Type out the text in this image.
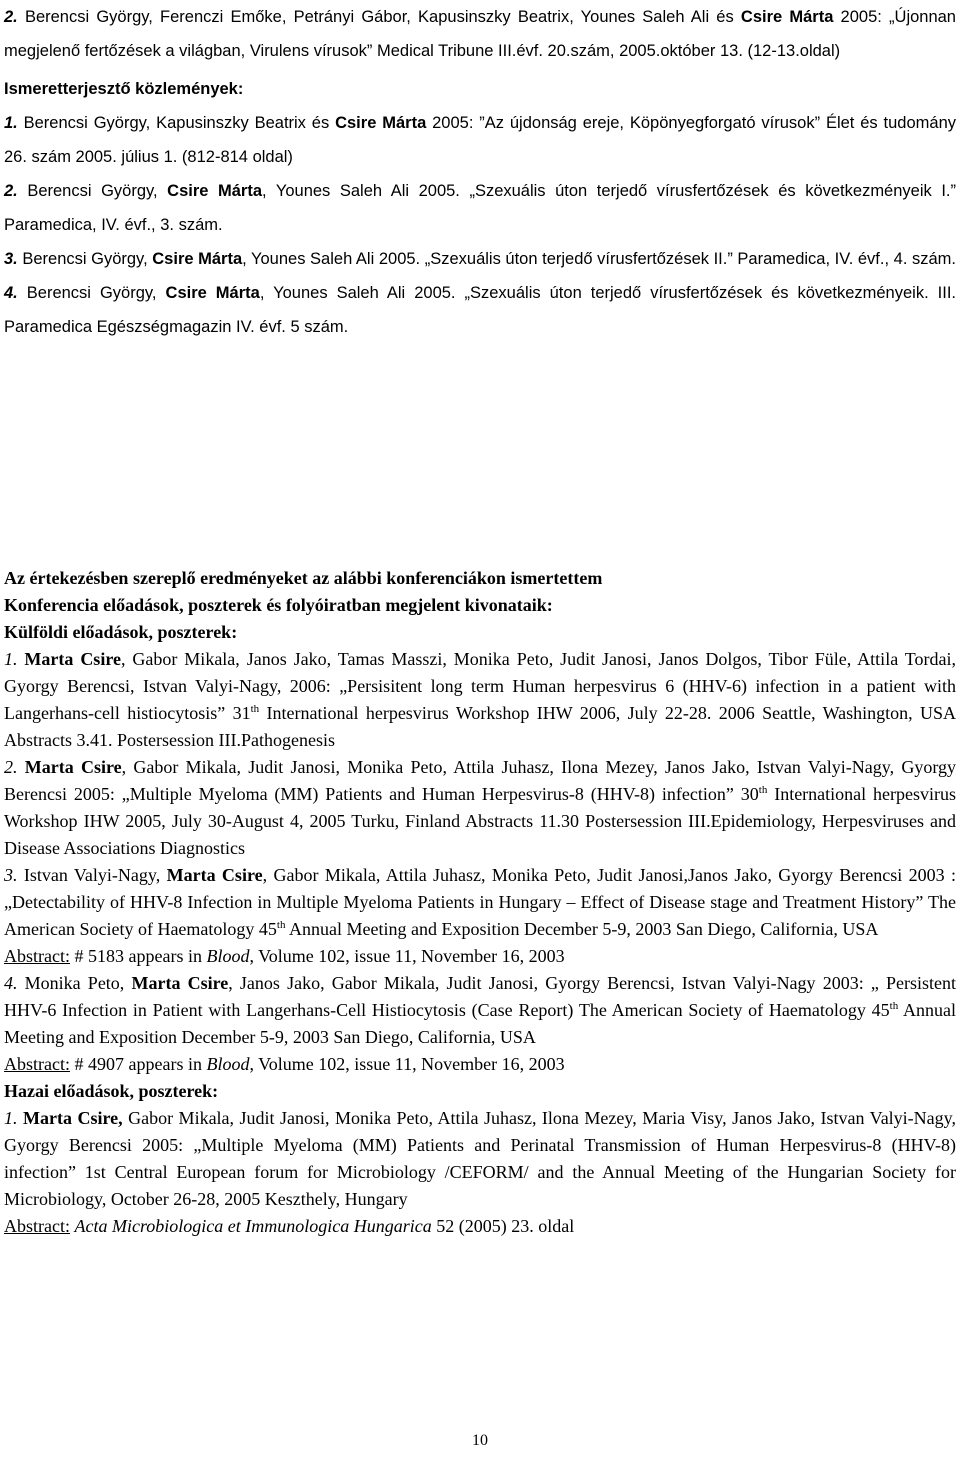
2. Berencsi György, Ferenczi Emőke, Petrányi Gábor, Kapusinszky Beatrix, Younes Saleh Ali és Csire Márta 2005: „Újonnan megjelenő fertőzések a világban, Virulens vírusok” Medical Tribune III.évf. 20.szám, 2005.október 13. (12-13.oldal)

Ismeretterjesztő közlemények:

1. Berencsi György, Kapusinszky Beatrix és Csire Márta 2005: ”Az újdonság ereje, Köpönyegforgató vírusok” Élet és tudomány 26. szám 2005. július 1. (812-814 oldal)

2. Berencsi György, Csire Márta, Younes Saleh Ali 2005. „Szexuális úton terjedő vírusfertőzések és következményeik I.” Paramedica, IV. évf., 3. szám.

3. Berencsi György, Csire Márta, Younes Saleh Ali 2005. „Szexuális úton terjedő vírusfertőzések II.” Paramedica, IV. évf., 4. szám.

4. Berencsi György, Csire Márta, Younes Saleh Ali 2005. „Szexuális úton terjedő vírusfertőzések és következményeik. III. Paramedica Egészségmagazin IV. évf. 5 szám.

Az értekezésben szereplő eredményeket az alábbi konferenciákon ismertettem

Konferencia előadások, poszterek és folyóiratban megjelent kivonataik:

Külföldi előadások, poszterek:

1. Marta Csire, Gabor Mikala, Janos Jako, Tamas Masszi, Monika Peto, Judit Janosi, Janos Dolgos, Tibor Füle, Attila Tordai, Gyorgy Berencsi, Istvan Valyi-Nagy, 2006: „Persisitent long term Human herpesvirus 6 (HHV-6) infection in a patient with Langerhans-cell histiocytosis” 31th International herpesvirus Workshop IHW 2006, July 22-28. 2006 Seattle, Washington, USA Abstracts 3.41. Postersession III.Pathogenesis

2. Marta Csire, Gabor Mikala, Judit Janosi, Monika Peto, Attila Juhasz, Ilona Mezey, Janos Jako, Istvan Valyi-Nagy, Gyorgy Berencsi 2005: „Multiple Myeloma (MM) Patients and Human Herpesvirus-8 (HHV-8) infection” 30th International herpesvirus Workshop IHW 2005, July 30-August 4, 2005 Turku, Finland Abstracts 11.30 Postersession III.Epidemiology, Herpesviruses and Disease Associations Diagnostics

3. Istvan Valyi-Nagy, Marta Csire, Gabor Mikala, Attila Juhasz, Monika Peto, Judit Janosi,Janos Jako, Gyorgy Berencsi 2003 : „Detectability of HHV-8 Infection in Multiple Myeloma Patients in Hungary – Effect of Disease stage and Treatment History” The American Society of Haematology 45th Annual Meeting and Exposition December 5-9, 2003 San Diego, California, USA

Abstract: # 5183 appears in Blood, Volume 102, issue 11, November 16, 2003

4. Monika Peto, Marta Csire, Janos Jako, Gabor Mikala, Judit Janosi, Gyorgy Berencsi, Istvan Valyi-Nagy 2003: „ Persistent HHV-6 Infection in Patient with Langerhans-Cell Histiocytosis (Case Report) The American Society of Haematology 45th Annual Meeting and Exposition December 5-9, 2003 San Diego, California, USA

Abstract: # 4907 appears in Blood, Volume 102, issue 11, November 16, 2003

Hazai előadások, poszterek:

1. Marta Csire, Gabor Mikala, Judit Janosi, Monika Peto, Attila Juhasz, Ilona Mezey, Maria Visy, Janos Jako, Istvan Valyi-Nagy, Gyorgy Berencsi 2005: „Multiple Myeloma (MM) Patients and Perinatal Transmission of Human Herpesvirus-8 (HHV-8) infection” 1st Central European forum for Microbiology /CEFORM/ and the Annual Meeting of the Hungarian Society for Microbiology, October 26-28, 2005 Keszthely, Hungary

Abstract: Acta Microbiologica et Immunologica Hungarica 52 (2005) 23. oldal

10
